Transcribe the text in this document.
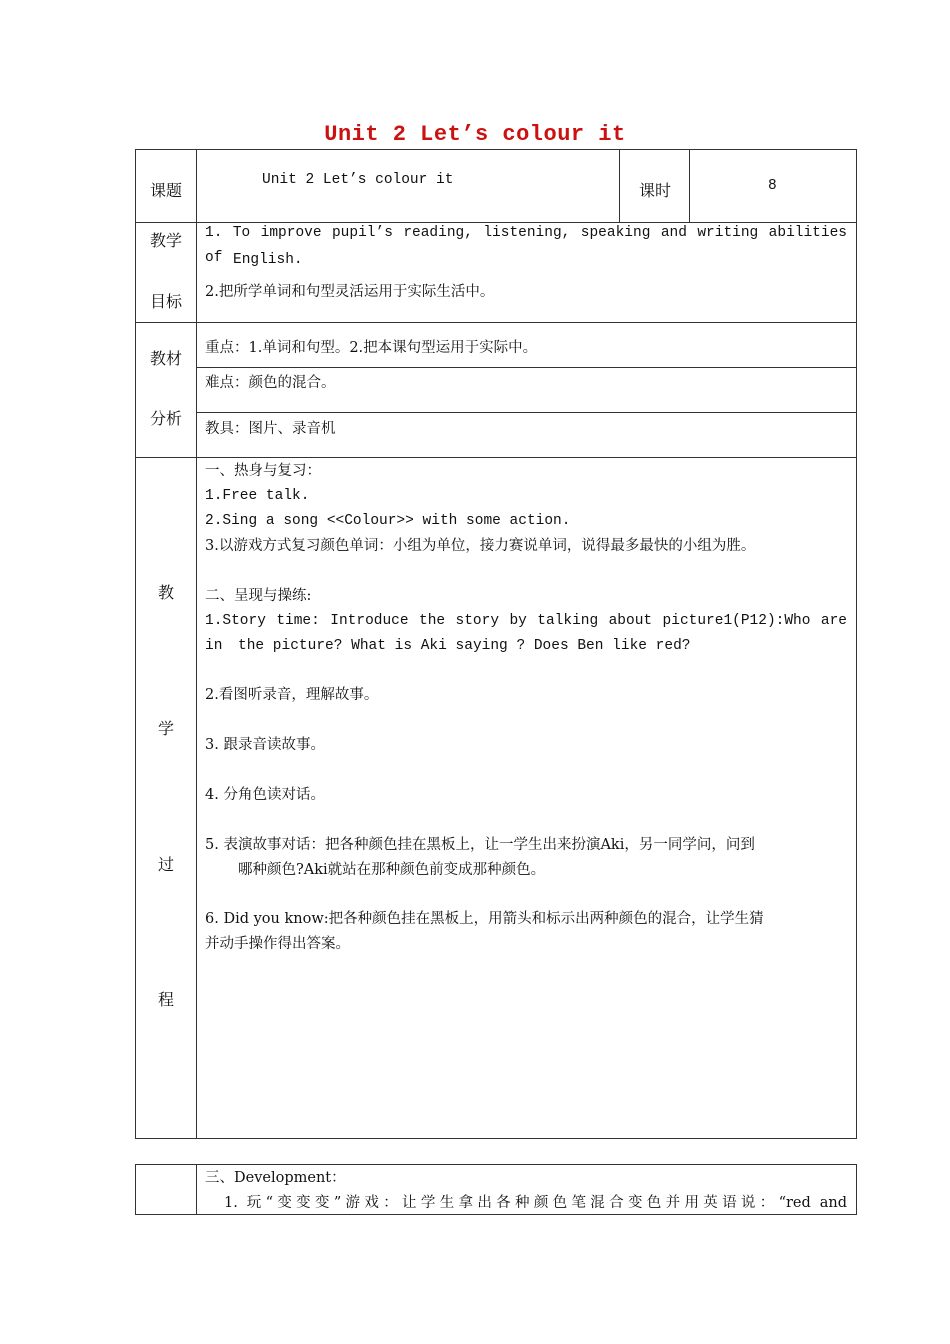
Unit 2 Let’s colour it
课题
Unit 2 Let’s colour it
课时	8
教学
目标
1. To improve pupil’s reading, listening, speaking and writing abilities of English.
2.把所学单词和句型灵活运用于实际生活中。
教材
分析
重点：1.单词和句型。2.把本课句型运用于实际中。
难点：颜色的混合。
教具：图片、录音机
教
学
过
程
一、热身与复习：
1.Free talk.
2.Sing a song <<Colour>> with some action.
3.以游戏方式复习颜色单词：小组为单位，接力赛说单词，说得最多最快的小组为胜。
二、呈现与操练:
1.Story time: Introduce the story by talking about picture1(P12):Who are in	the picture? What is Aki saying ? Does Ben like red?
2.看图听录音，理解故事。
3. 跟录音读故事。
4. 分角色读对话。
5. 表演故事对话：把各种颜色挂在黑板上，让一学生出来扮演Aki，另一同学问，问到
哪种颜色?Aki就站在那种颜色前变成那种颜色。
6. Did you know:把各种颜色挂在黑板上，用箭头和标示出两种颜色的混合，让学生猜
并动手操作得出答案。
三、Development：
1. 玩“变变变”游戏：让学生拿出各种颜色笔混合变色并用英语说：“red and
